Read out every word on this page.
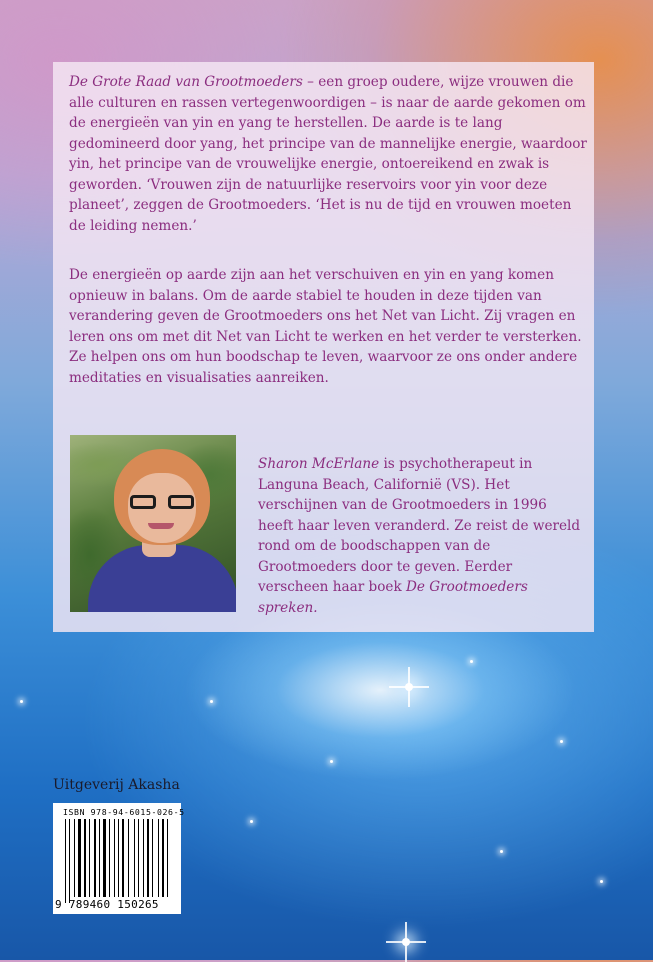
De Grote Raad van Grootmoeders – een groep oudere, wijze vrouwen die alle culturen en rassen vertegenwoordigen – is naar de aarde gekomen om de energieën van yin en yang te herstellen. De aarde is te lang gedomineerd door yang, het principe van de mannelijke energie, waardoor yin, het principe van de vrouwelijke energie, ontoereikend en zwak is geworden. ‘Vrouwen zijn de natuurlijke reservoirs voor yin voor deze planeet’, zeggen de Grootmoeders. ‘Het is nu de tijd en vrouwen moeten de leiding nemen.’

De energieën op aarde zijn aan het verschuiven en yin en yang komen opnieuw in balans. Om de aarde stabiel te houden in deze tijden van verandering geven de Grootmoeders ons het Net van Licht. Zij vragen en leren ons om met dit Net van Licht te werken en het verder te versterken. Ze helpen ons om hun boodschap te leven, waarvoor ze ons onder andere meditaties en visualisaties aanreiken.

Sharon McErlane is psychotherapeut in Languna Beach, Californië (VS). Het verschijnen van de Grootmoeders in 1996 heeft haar leven veranderd. Ze reist de wereld rond om de boodschappen van de Grootmoeders door te geven. Eerder verscheen haar boek De Grootmoeders spreken.

Uitgeverij Akasha
ISBN 978-94-6015-026-5
9 789460 150265
